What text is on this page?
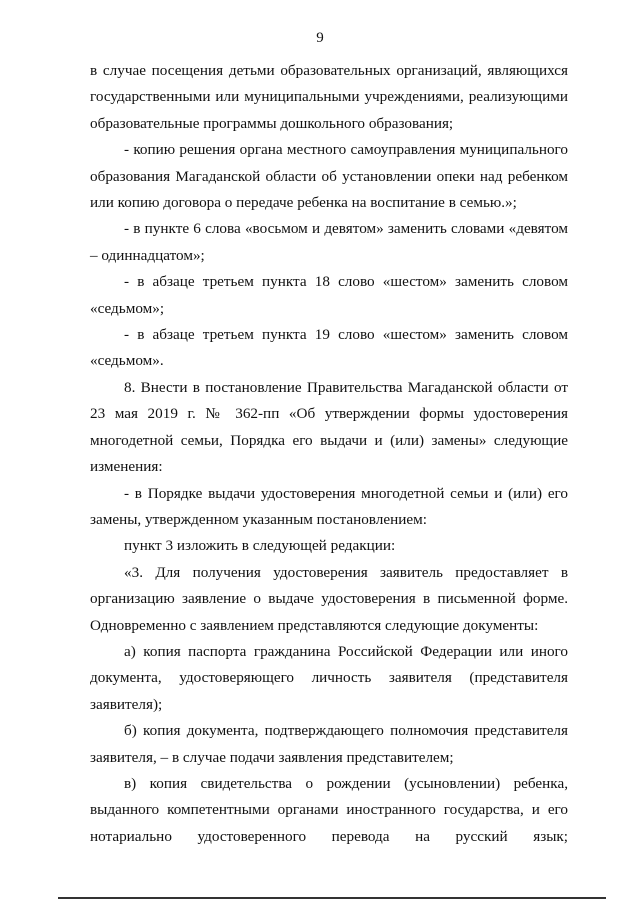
9

в случае посещения детьми образовательных организаций, являющихся государственными или муниципальными учреждениями, реализующими образовательные программы дошкольного образования;

- копию решения органа местного самоуправления муниципального образования Магаданской области об установлении опеки над ребенком или копию договора о передаче ребенка на воспитание в семью.»;

- в пункте 6 слова «восьмом и девятом» заменить словами «девятом – одиннадцатом»;

- в абзаце третьем пункта 18 слово «шестом» заменить словом «седьмом»;

- в абзаце третьем пункта 19 слово «шестом» заменить словом «седьмом».

8. Внести в постановление Правительства Магаданской области от 23 мая 2019 г. № 362-пп «Об утверждении формы удостоверения многодетной семьи, Порядка его выдачи и (или) замены» следующие изменения:

- в Порядке выдачи удостоверения многодетной семьи и (или) его замены, утвержденном указанным постановлением:

пункт 3 изложить в следующей редакции:

«3. Для получения удостоверения заявитель предоставляет в организацию заявление о выдаче удостоверения в письменной форме. Одновременно с заявлением представляются следующие документы:

а) копия паспорта гражданина Российской Федерации или иного документа, удостоверяющего личность заявителя (представителя заявителя);

б) копия документа, подтверждающего полномочия представителя заявителя, – в случае подачи заявления представителем;

в) копия свидетельства о рождении (усыновлении) ребенка, выданного компетентными органами иностранного государства, и его нотариально удостоверенного перевода на русский язык;
